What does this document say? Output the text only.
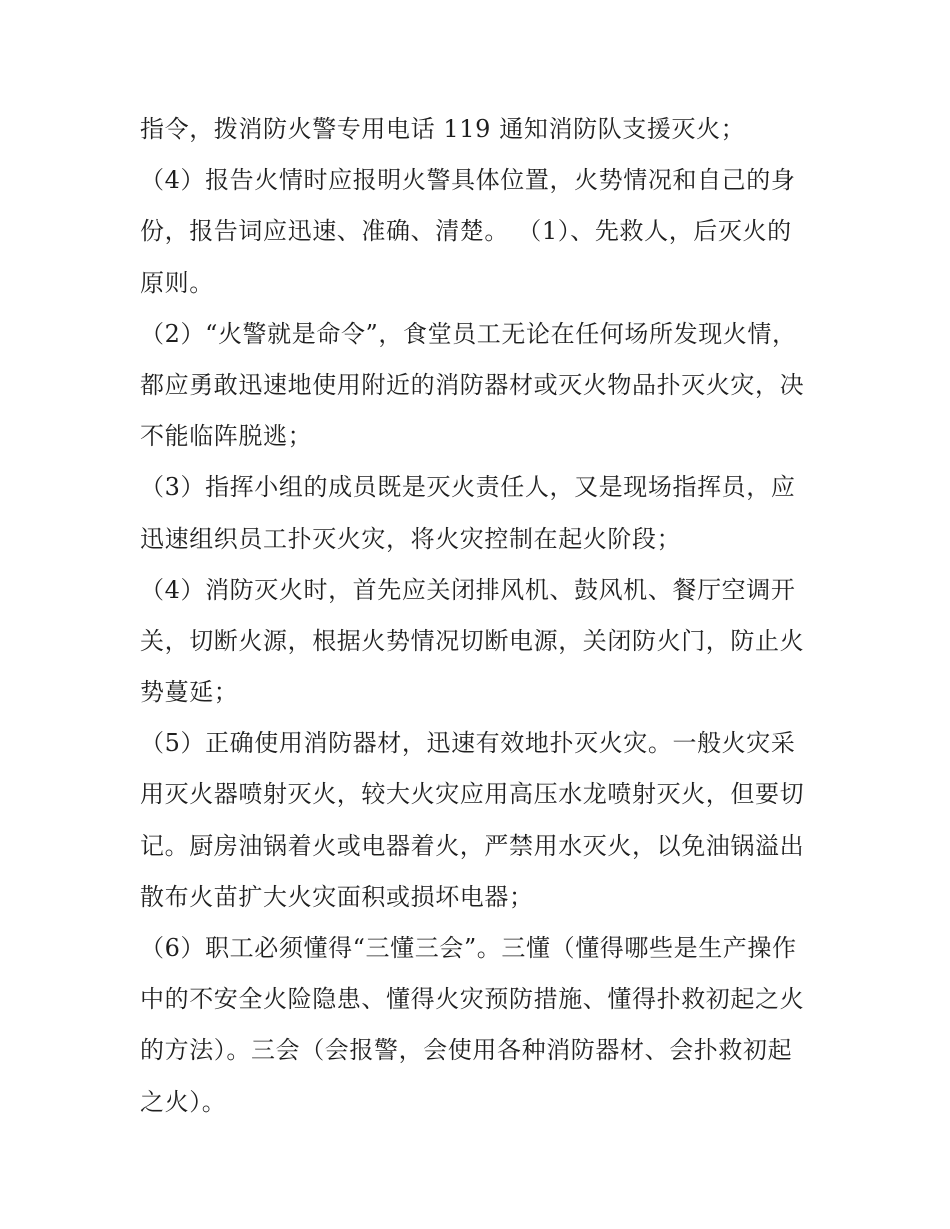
指令，拨消防火警专用电话 119 通知消防队支援灭火；
（4）报告火情时应报明火警具体位置，火势情况和自己的身
份，报告词应迅速、准确、清楚。 （1）、先救人，后灭火的
原则。
（2）“火警就是命令”，食堂员工无论在任何场所发现火情，
都应勇敢迅速地使用附近的消防器材或灭火物品扑灭火灾，决
不能临阵脱逃；
（3）指挥小组的成员既是灭火责任人，又是现场指挥员，应
迅速组织员工扑灭火灾，将火灾控制在起火阶段；
（4）消防灭火时，首先应关闭排风机、鼓风机、餐厅空调开
关，切断火源，根据火势情况切断电源，关闭防火门，防止火
势蔓延；
（5）正确使用消防器材，迅速有效地扑灭火灾。一般火灾采
用灭火器喷射灭火，较大火灾应用高压水龙喷射灭火，但要切
记。厨房油锅着火或电器着火，严禁用水灭火，以免油锅溢出
散布火苗扩大火灾面积或损坏电器；
（6）职工必须懂得“三懂三会”。三懂（懂得哪些是生产操作
中的不安全火险隐患、懂得火灾预防措施、懂得扑救初起之火
的方法）。三会（会报警，会使用各种消防器材、会扑救初起
之火）。
